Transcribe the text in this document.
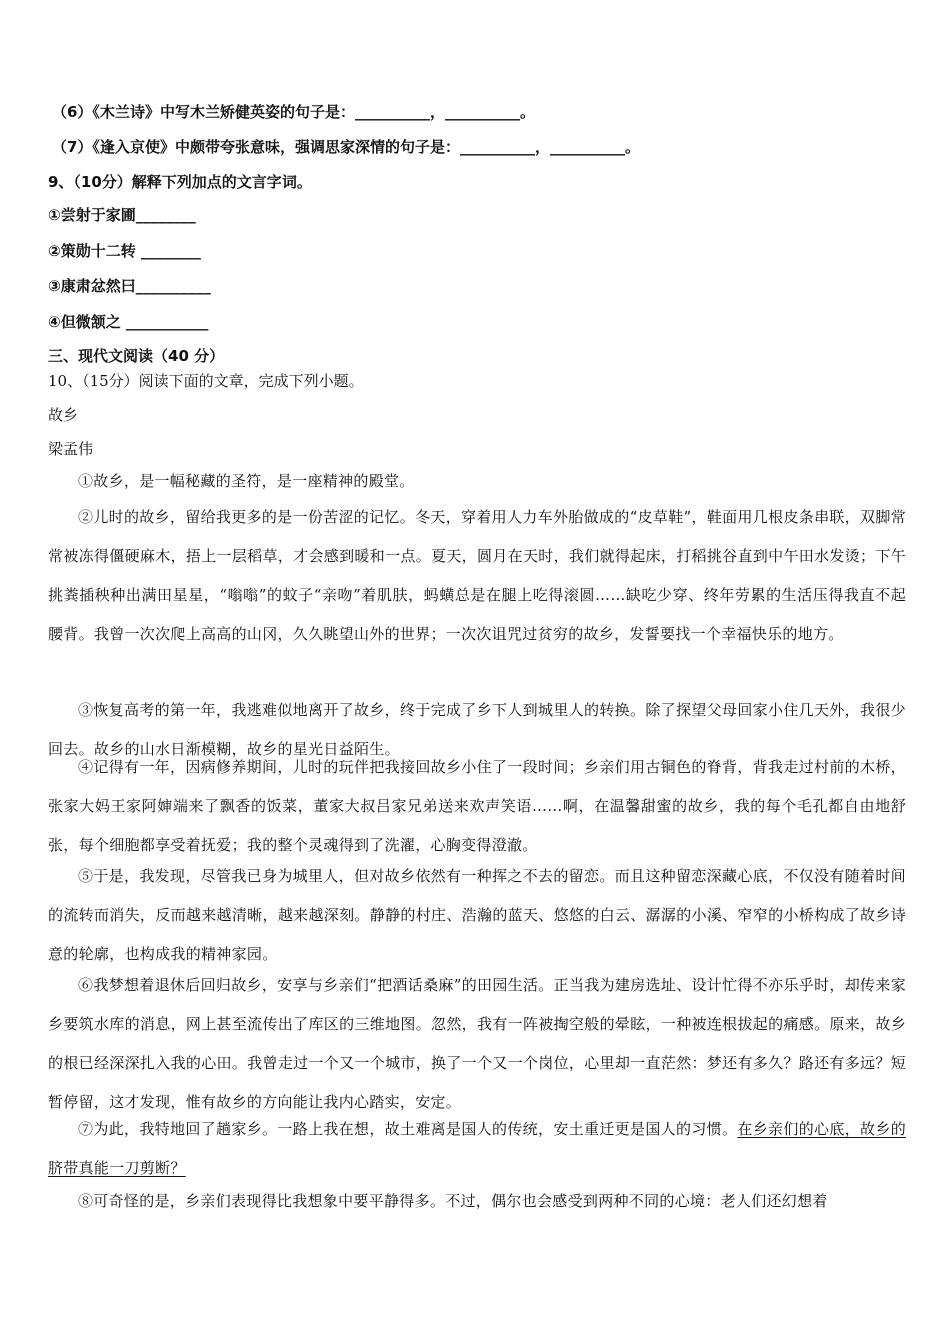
（6）《木兰诗》中写木兰矫健英姿的句子是：__________，__________。
（7）《逢入京使》中颇带夸张意味，强调思家深情的句子是：__________，__________。
9、（10分）解释下列加点的文言字词。
①尝射于家圃________
②策勋十二转 ________
③康肃忿然曰__________
④但微颔之 ___________
三、现代文阅读（40 分）
10、（15分）阅读下面的文章，完成下列小题。
故乡
梁孟伟
①故乡，是一幅秘藏的圣符，是一座精神的殿堂。
②儿时的故乡，留给我更多的是一份苦涩的记忆。冬天，穿着用人力车外胎做成的“皮草鞋”，鞋面用几根皮条串联，双脚常常被冻得僵硬麻木，捂上一层稻草，才会感到暖和一点。夏天，圆月在天时，我们就得起床，打稻挑谷直到中午田水发烫；下午挑粪插秧种出满田星星，“嗡嗡”的蚊子“亲吻”着肌肤，蚂蟥总是在腿上吃得滚圆……缺吃少穿、终年劳累的生活压得我直不起腰背。我曾一次次爬上高高的山冈，久久眺望山外的世界；一次次诅咒过贫穷的故乡，发誓要找一个幸福快乐的地方。
③恢复高考的第一年，我逃难似地离开了故乡，终于完成了乡下人到城里人的转换。除了探望父母回家小住几天外，我很少回去。故乡的山水日渐模糊，故乡的星光日益陌生。
④记得有一年，因病修养期间，儿时的玩伴把我接回故乡小住了一段时间；乡亲们用古铜色的脊背，背我走过村前的木桥，张家大妈王家阿婶端来了飘香的饭菜，董家大叔吕家兄弟送来欢声笑语……啊，在温馨甜蜜的故乡，我的每个毛孔都自由地舒张，每个细胞都享受着抚爱；我的整个灵魂得到了洗濯，心胸变得澄澈。
⑤于是，我发现，尽管我已身为城里人，但对故乡依然有一种挥之不去的留恋。而且这种留恋深藏心底，不仅没有随着时间的流转而消失，反而越来越清晰，越来越深刻。静静的村庄、浩瀚的蓝天、悠悠的白云、潺潺的小溪、窄窄的小桥构成了故乡诗意的轮廓，也构成我的精神家园。
⑥我梦想着退休后回归故乡，安享与乡亲们“把酒话桑麻”的田园生活。正当我为建房选址、设计忙得不亦乐乎时，却传来家乡要筑水库的消息，网上甚至流传出了库区的三维地图。忽然，我有一阵被掏空般的晕眩，一种被连根拔起的痛感。原来，故乡的根已经深深扎入我的心田。我曾走过一个又一个城市，换了一个又一个岗位，心里却一直茫然：梦还有多久？路还有多远？短暂停留，这才发现，惟有故乡的方向能让我内心踏实，安定。
⑦为此，我特地回了趟家乡。一路上我在想，故土难离是国人的传统，安土重迁更是国人的习惯。在乡亲们的心底，故乡的脐带真能一刀剪断？
⑧可奇怪的是，乡亲们表现得比我想象中要平静得多。不过，偶尔也会感受到两种不同的心境：老人们还幻想着
